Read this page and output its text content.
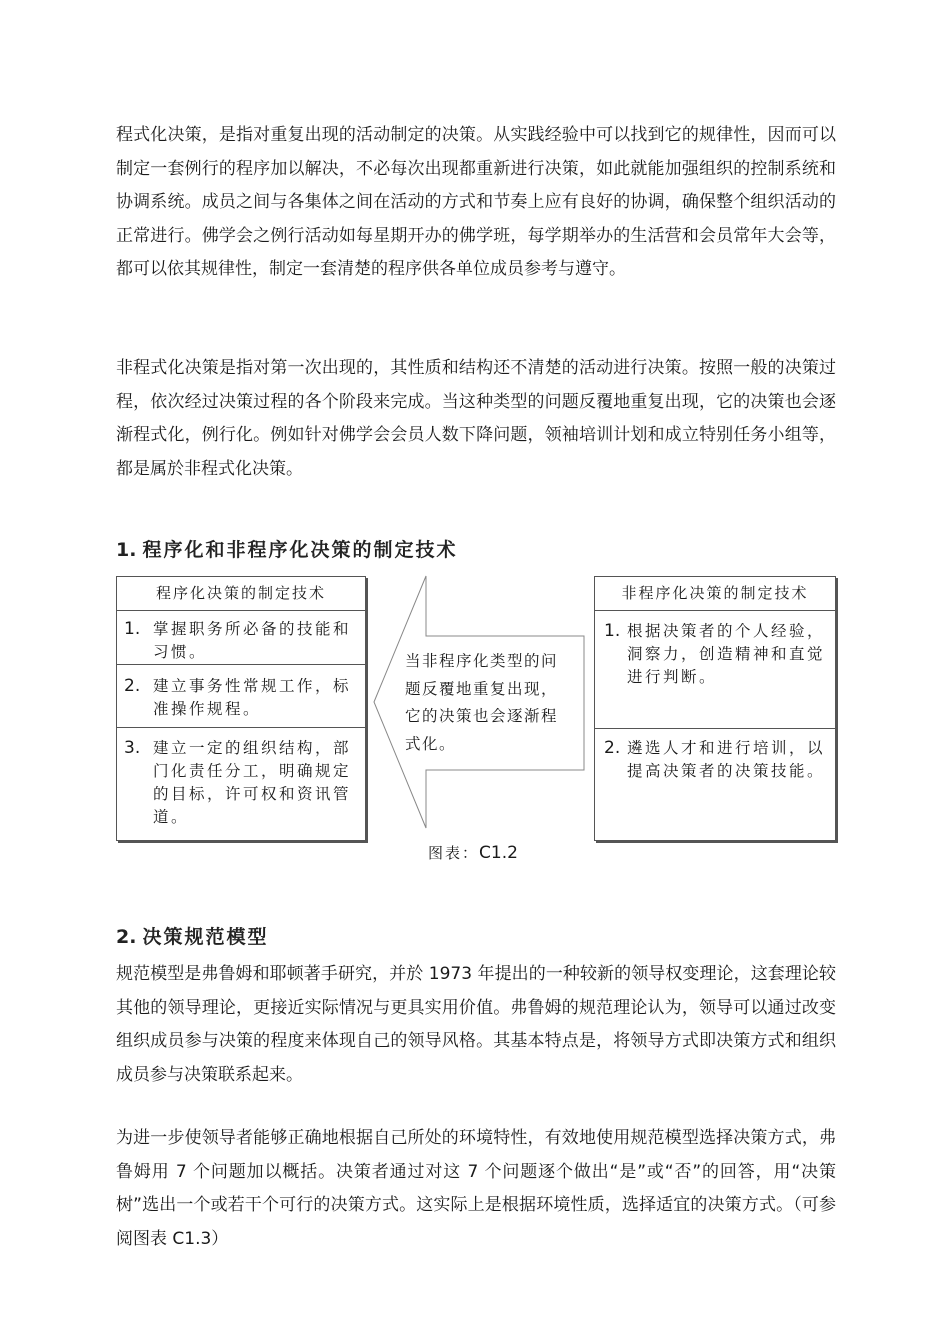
程式化决策，是指对重复出现的活动制定的决策。从实践经验中可以找到它的规律性，因而可以制定一套例行的程序加以解决，不必每次出现都重新进行决策，如此就能加强组织的控制系统和协调系统。成员之间与各集体之间在活动的方式和节奏上应有良好的协调，确保整个组织活动的正常进行。佛学会之例行活动如每星期开办的佛学班，每学期举办的生活营和会员常年大会等，都可以依其规律性，制定一套清楚的程序供各单位成员参考与遵守。

非程式化决策是指对第一次出现的，其性质和结构还不清楚的活动进行决策。按照一般的决策过程，依次经过决策过程的各个阶段来完成。当这种类型的问题反覆地重复出现，它的决策也会逐渐程式化，例行化。例如针对佛学会会员人数下降问题，领袖培训计划和成立特别任务小组等，都是属於非程式化决策。

1. 程序化和非程序化决策的制定技术
程序化决策的制定技术
1. 掌握职务所必备的技能和习惯。
2. 建立事务性常规工作，标准操作规程。
3. 建立一定的组织结构，部门化责任分工，明确规定的目标，许可权和资讯管道。
当非程序化类型的问题反覆地重复出现，它的决策也会逐渐程式化。
非程序化决策的制定技术
1. 根据决策者的个人经验，洞察力，创造精神和直觉进行判断。
2. 遴选人才和进行培训，以提高决策者的决策技能。
图表：C1.2
2. 决策规范模型

规范模型是弗鲁姆和耶顿著手研究，并於 1973 年提出的一种较新的领导权变理论，这套理论较其他的领导理论，更接近实际情况与更具实用价值。弗鲁姆的规范理论认为，领导可以通过改变组织成员参与决策的程度来体现自己的领导风格。其基本特点是，将领导方式即决策方式和组织成员参与决策联系起来。

为进一步使领导者能够正确地根据自己所处的环境特性，有效地使用规范模型选择决策方式，弗鲁姆用 7 个问题加以概括。决策者通过对这 7 个问题逐个做出“是”或“否”的回答，用“决策树”选出一个或若干个可行的决策方式。这实际上是根据环境性质，选择适宜的决策方式。（可参阅图表 C1.3）
